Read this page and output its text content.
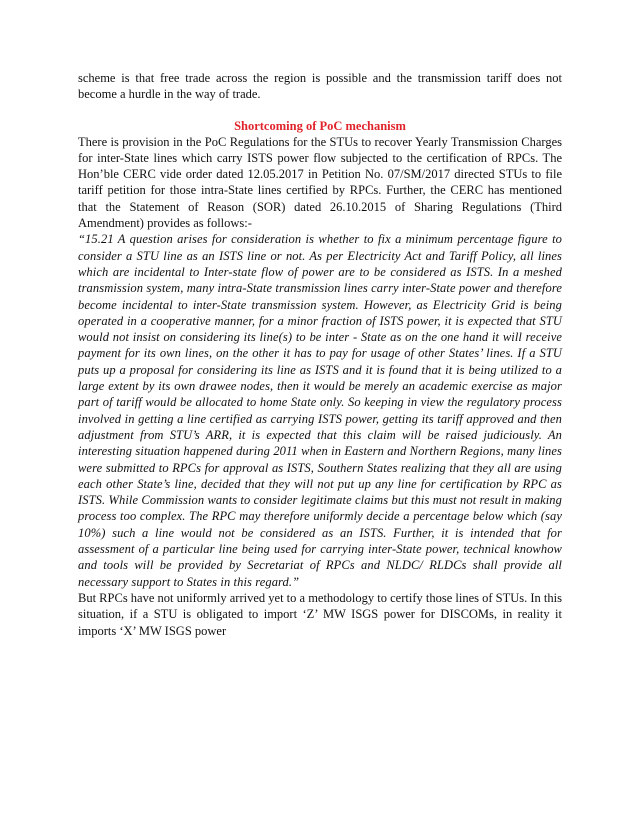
scheme is that free trade across the region is possible and the transmission tariff does not become a hurdle in the way of trade.

Shortcoming of PoC mechanism

There is provision in the PoC Regulations for the STUs to recover Yearly Transmission Charges for inter-State lines which carry ISTS power flow subjected to the certification of RPCs. The Hon’ble CERC vide order dated 12.05.2017 in Petition No. 07/SM/2017 directed STUs to file tariff petition for those intra-State lines certified by RPCs. Further, the CERC has mentioned that the Statement of Reason (SOR) dated 26.10.2015 of Sharing Regulations (Third Amendment) provides as follows:-

“15.21 A question arises for consideration is whether to fix a minimum percentage figure to consider a STU line as an ISTS line or not. As per Electricity Act and Tariff Policy, all lines which are incidental to Inter-state flow of power are to be considered as ISTS. In a meshed transmission system, many intra-State transmission lines carry inter-State power and therefore become incidental to inter-State transmission system. However, as Electricity Grid is being operated in a cooperative manner, for a minor fraction of ISTS power, it is expected that STU would not insist on considering its line(s) to be inter - State as on the one hand it will receive payment for its own lines, on the other it has to pay for usage of other States’ lines. If a STU puts up a proposal for considering its line as ISTS and it is found that it is being utilized to a large extent by its own drawee nodes, then it would be merely an academic exercise as major part of tariff would be allocated to home State only. So keeping in view the regulatory process involved in getting a line certified as carrying ISTS power, getting its tariff approved and then adjustment from STU’s ARR, it is expected that this claim will be raised judiciously. An interesting situation happened during 2011 when in Eastern and Northern Regions, many lines were submitted to RPCs for approval as ISTS, Southern States realizing that they all are using each other State’s line, decided that they will not put up any line for certification by RPC as ISTS. While Commission wants to consider legitimate claims but this must not result in making process too complex. The RPC may therefore uniformly decide a percentage below which (say 10%) such a line would not be considered as an ISTS. Further, it is intended that for assessment of a particular line being used for carrying inter-State power, technical knowhow and tools will be provided by Secretariat of RPCs and NLDC/ RLDCs shall provide all necessary support to States in this regard.”

But RPCs have not uniformly arrived yet to a methodology to certify those lines of STUs. In this situation, if a STU is obligated to import ‘Z’ MW ISGS power for DISCOMs, in reality it imports ‘X’ MW ISGS power
